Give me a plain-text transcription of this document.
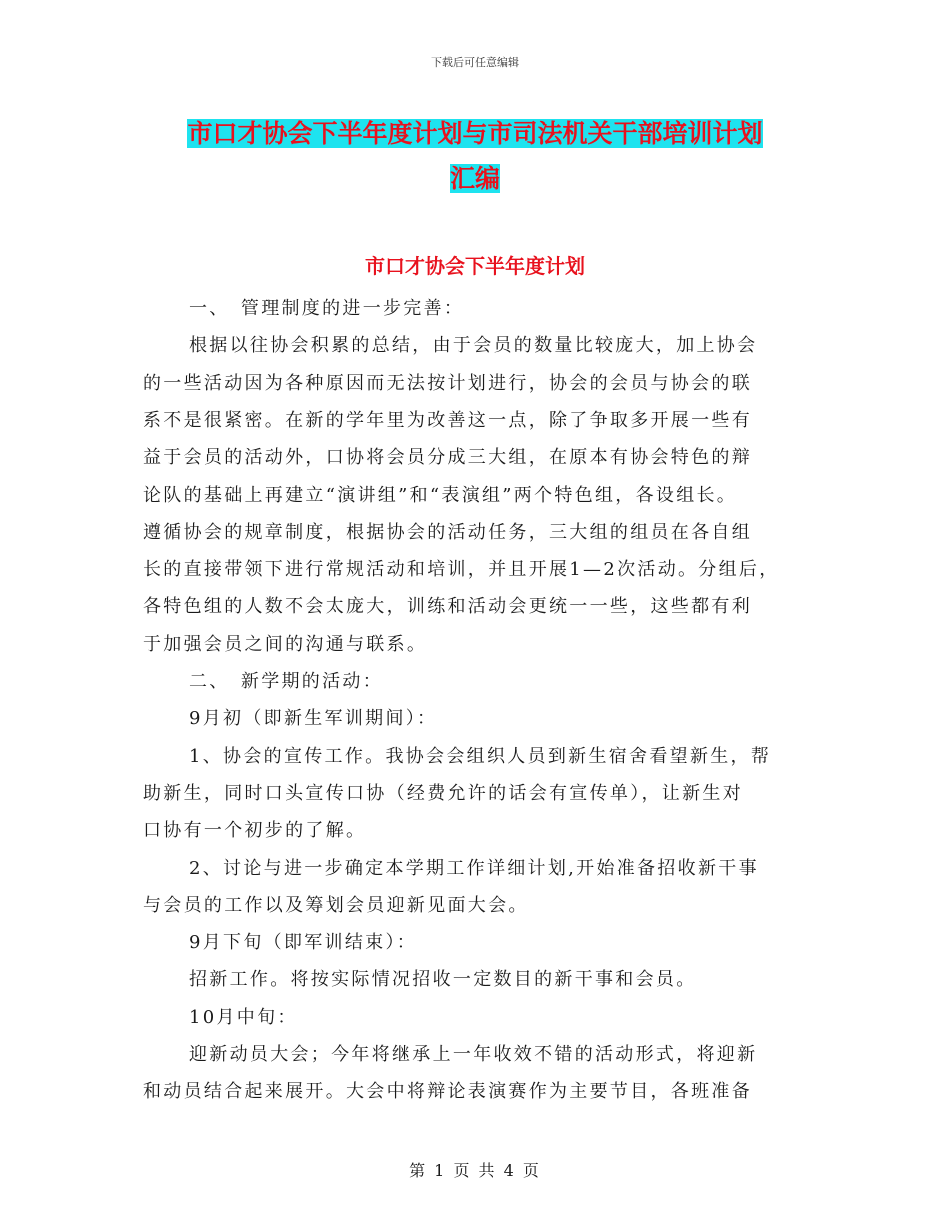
下载后可任意编辑
市口才协会下半年度计划与市司法机关干部培训计划
汇编
市口才协会下半年度计划
一、　管理制度的进一步完善：
根据以往协会积累的总结，由于会员的数量比较庞大，加上协会
的一些活动因为各种原因而无法按计划进行，协会的会员与协会的联
系不是很紧密。在新的学年里为改善这一点，除了争取多开展一些有
益于会员的活动外，口协将会员分成三大组，在原本有协会特色的辩
论队的基础上再建立“演讲组”和“表演组”两个特色组，各设组长。
遵循协会的规章制度，根据协会的活动任务，三大组的组员在各自组
长的直接带领下进行常规活动和培训，并且开展1—2次活动。分组后，
各特色组的人数不会太庞大，训练和活动会更统一一些，这些都有利
于加强会员之间的沟通与联系。
二、　新学期的活动：
9月初（即新生军训期间）：
1、协会的宣传工作。我协会会组织人员到新生宿舍看望新生，帮
助新生，同时口头宣传口协（经费允许的话会有宣传单），让新生对
口协有一个初步的了解。
2、讨论与进一步确定本学期工作详细计划,开始准备招收新干事
与会员的工作以及筹划会员迎新见面大会。
9月下旬（即军训结束）：
招新工作。将按实际情况招收一定数目的新干事和会员。
10月中旬：
迎新动员大会；今年将继承上一年收效不错的活动形式，将迎新
和动员结合起来展开。大会中将辩论表演赛作为主要节目，各班准备
第 1 页 共 4 页
